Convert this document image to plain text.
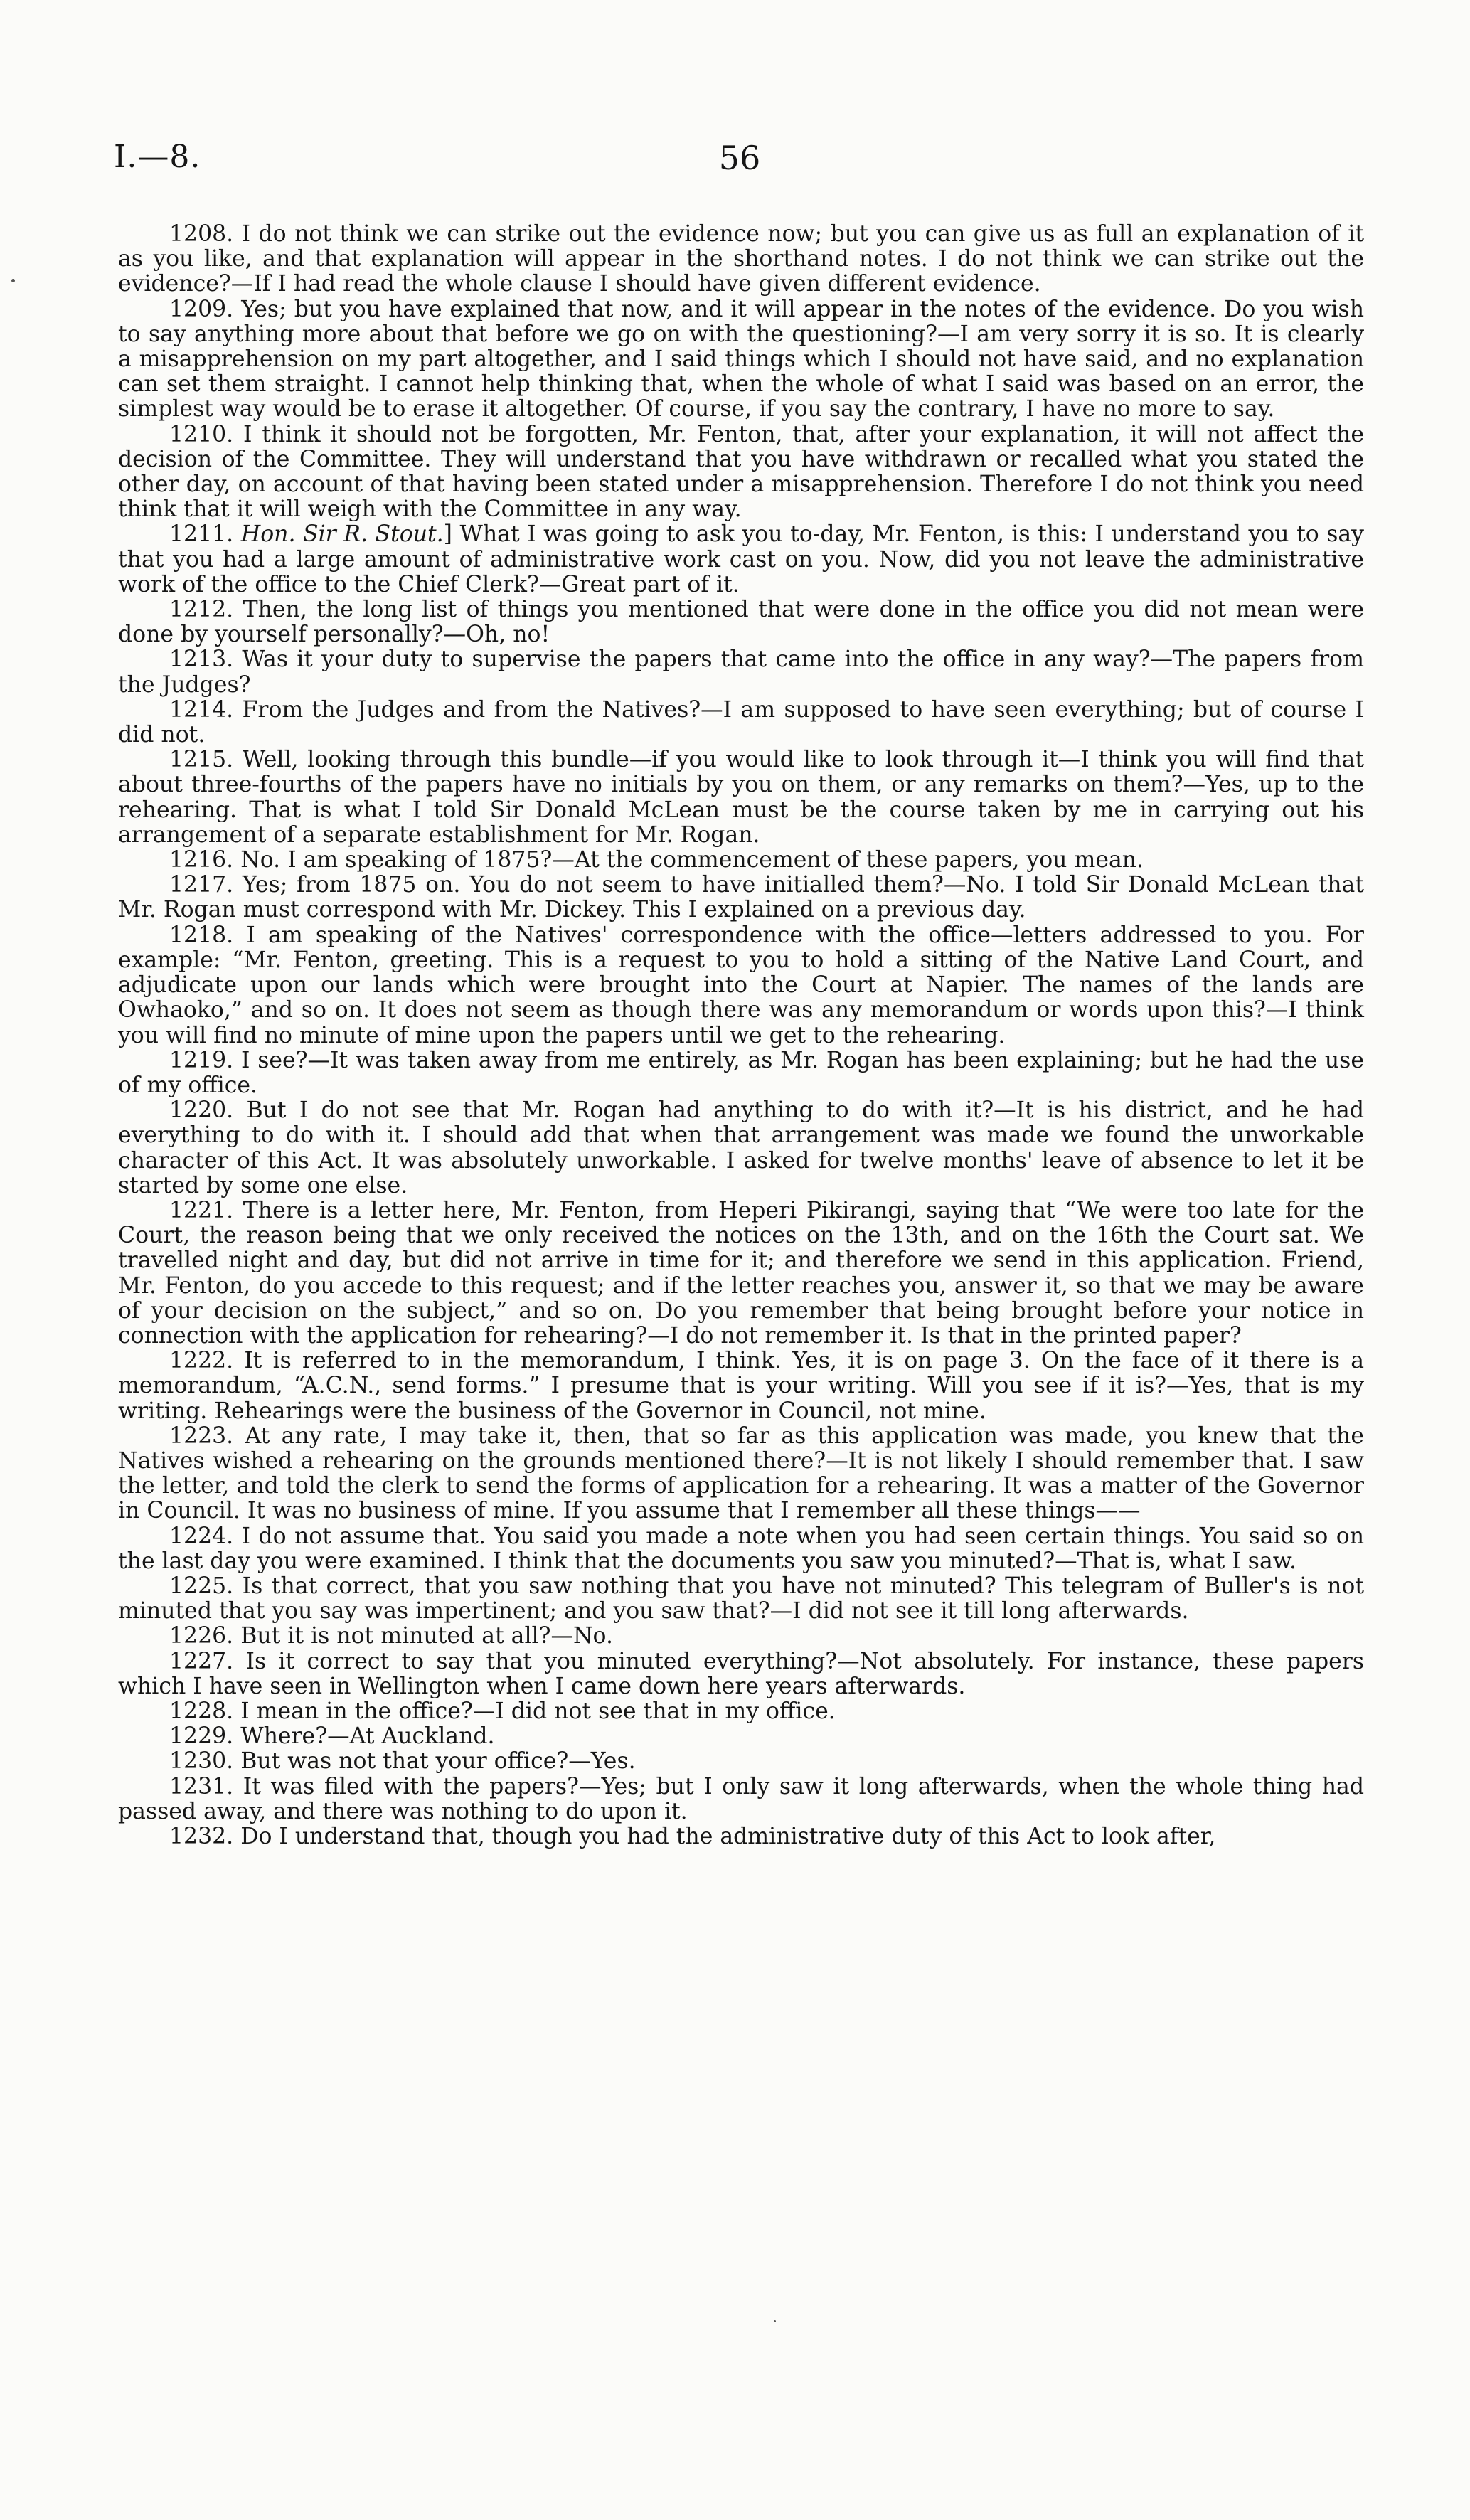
I.—8.	56

1208. I do not think we can strike out the evidence now; but you can give us as full an explanation of it as you like, and that explanation will appear in the shorthand notes. I do not think we can strike out the evidence?—If I had read the whole clause I should have given different evidence.

1209. Yes; but you have explained that now, and it will appear in the notes of the evidence. Do you wish to say anything more about that before we go on with the questioning?—I am very sorry it is so. It is clearly a misapprehension on my part altogether, and I said things which I should not have said, and no explanation can set them straight. I cannot help thinking that, when the whole of what I said was based on an error, the simplest way would be to erase it altogether. Of course, if you say the contrary, I have no more to say.

1210. I think it should not be forgotten, Mr. Fenton, that, after your explanation, it will not affect the decision of the Committee. They will understand that you have withdrawn or recalled what you stated the other day, on account of that having been stated under a misapprehension. Therefore I do not think you need think that it will weigh with the Committee in any way.

1211. Hon. Sir R. Stout.] What I was going to ask you to-day, Mr. Fenton, is this: I understand you to say that you had a large amount of administrative work cast on you. Now, did you not leave the administrative work of the office to the Chief Clerk?—Great part of it.

1212. Then, the long list of things you mentioned that were done in the office you did not mean were done by yourself personally?—Oh, no!

1213. Was it your duty to supervise the papers that came into the office in any way?—The papers from the Judges?

1214. From the Judges and from the Natives?—I am supposed to have seen everything; but of course I did not.

1215. Well, looking through this bundle—if you would like to look through it—I think you will find that about three-fourths of the papers have no initials by you on them, or any remarks on them?—Yes, up to the rehearing. That is what I told Sir Donald McLean must be the course taken by me in carrying out his arrangement of a separate establishment for Mr. Rogan.

1216. No. I am speaking of 1875?—At the commencement of these papers, you mean.

1217. Yes; from 1875 on. You do not seem to have initialled them?—No. I told Sir Donald McLean that Mr. Rogan must correspond with Mr. Dickey. This I explained on a previous day.

1218. I am speaking of the Natives' correspondence with the office—letters addressed to you. For example: “Mr. Fenton, greeting. This is a request to you to hold a sitting of the Native Land Court, and adjudicate upon our lands which were brought into the Court at Napier. The names of the lands are Owhaoko,” and so on. It does not seem as though there was any memorandum or words upon this?—I think you will find no minute of mine upon the papers until we get to the rehearing.

1219. I see?—It was taken away from me entirely, as Mr. Rogan has been explaining; but he had the use of my office.

1220. But I do not see that Mr. Rogan had anything to do with it?—It is his district, and he had everything to do with it. I should add that when that arrangement was made we found the unworkable character of this Act. It was absolutely unworkable. I asked for twelve months' leave of absence to let it be started by some one else.

1221. There is a letter here, Mr. Fenton, from Heperi Pikirangi, saying that “We were too late for the Court, the reason being that we only received the notices on the 13th, and on the 16th the Court sat. We travelled night and day, but did not arrive in time for it; and therefore we send in this application. Friend, Mr. Fenton, do you accede to this request; and if the letter reaches you, answer it, so that we may be aware of your decision on the subject,” and so on. Do you remember that being brought before your notice in connection with the application for rehearing?—I do not remember it. Is that in the printed paper?

1222. It is referred to in the memorandum, I think. Yes, it is on page 3. On the face of it there is a memorandum, “A.C.N., send forms.” I presume that is your writing. Will you see if it is?—Yes, that is my writing. Rehearings were the business of the Governor in Council, not mine.

1223. At any rate, I may take it, then, that so far as this application was made, you knew that the Natives wished a rehearing on the grounds mentioned there?—It is not likely I should remember that. I saw the letter, and told the clerk to send the forms of application for a rehearing. It was a matter of the Governor in Council. It was no business of mine. If you assume that I remember all these things——

1224. I do not assume that. You said you made a note when you had seen certain things. You said so on the last day you were examined. I think that the documents you saw you minuted?—That is, what I saw.

1225. Is that correct, that you saw nothing that you have not minuted? This telegram of Buller's is not minuted that you say was impertinent; and you saw that?—I did not see it till long afterwards.

1226. But it is not minuted at all?—No.

1227. Is it correct to say that you minuted everything?—Not absolutely. For instance, these papers which I have seen in Wellington when I came down here years afterwards.

1228. I mean in the office?—I did not see that in my office.

1229. Where?—At Auckland.

1230. But was not that your office?—Yes.

1231. It was filed with the papers?—Yes; but I only saw it long afterwards, when the whole thing had passed away, and there was nothing to do upon it.

1232. Do I understand that, though you had the administrative duty of this Act to look after,
